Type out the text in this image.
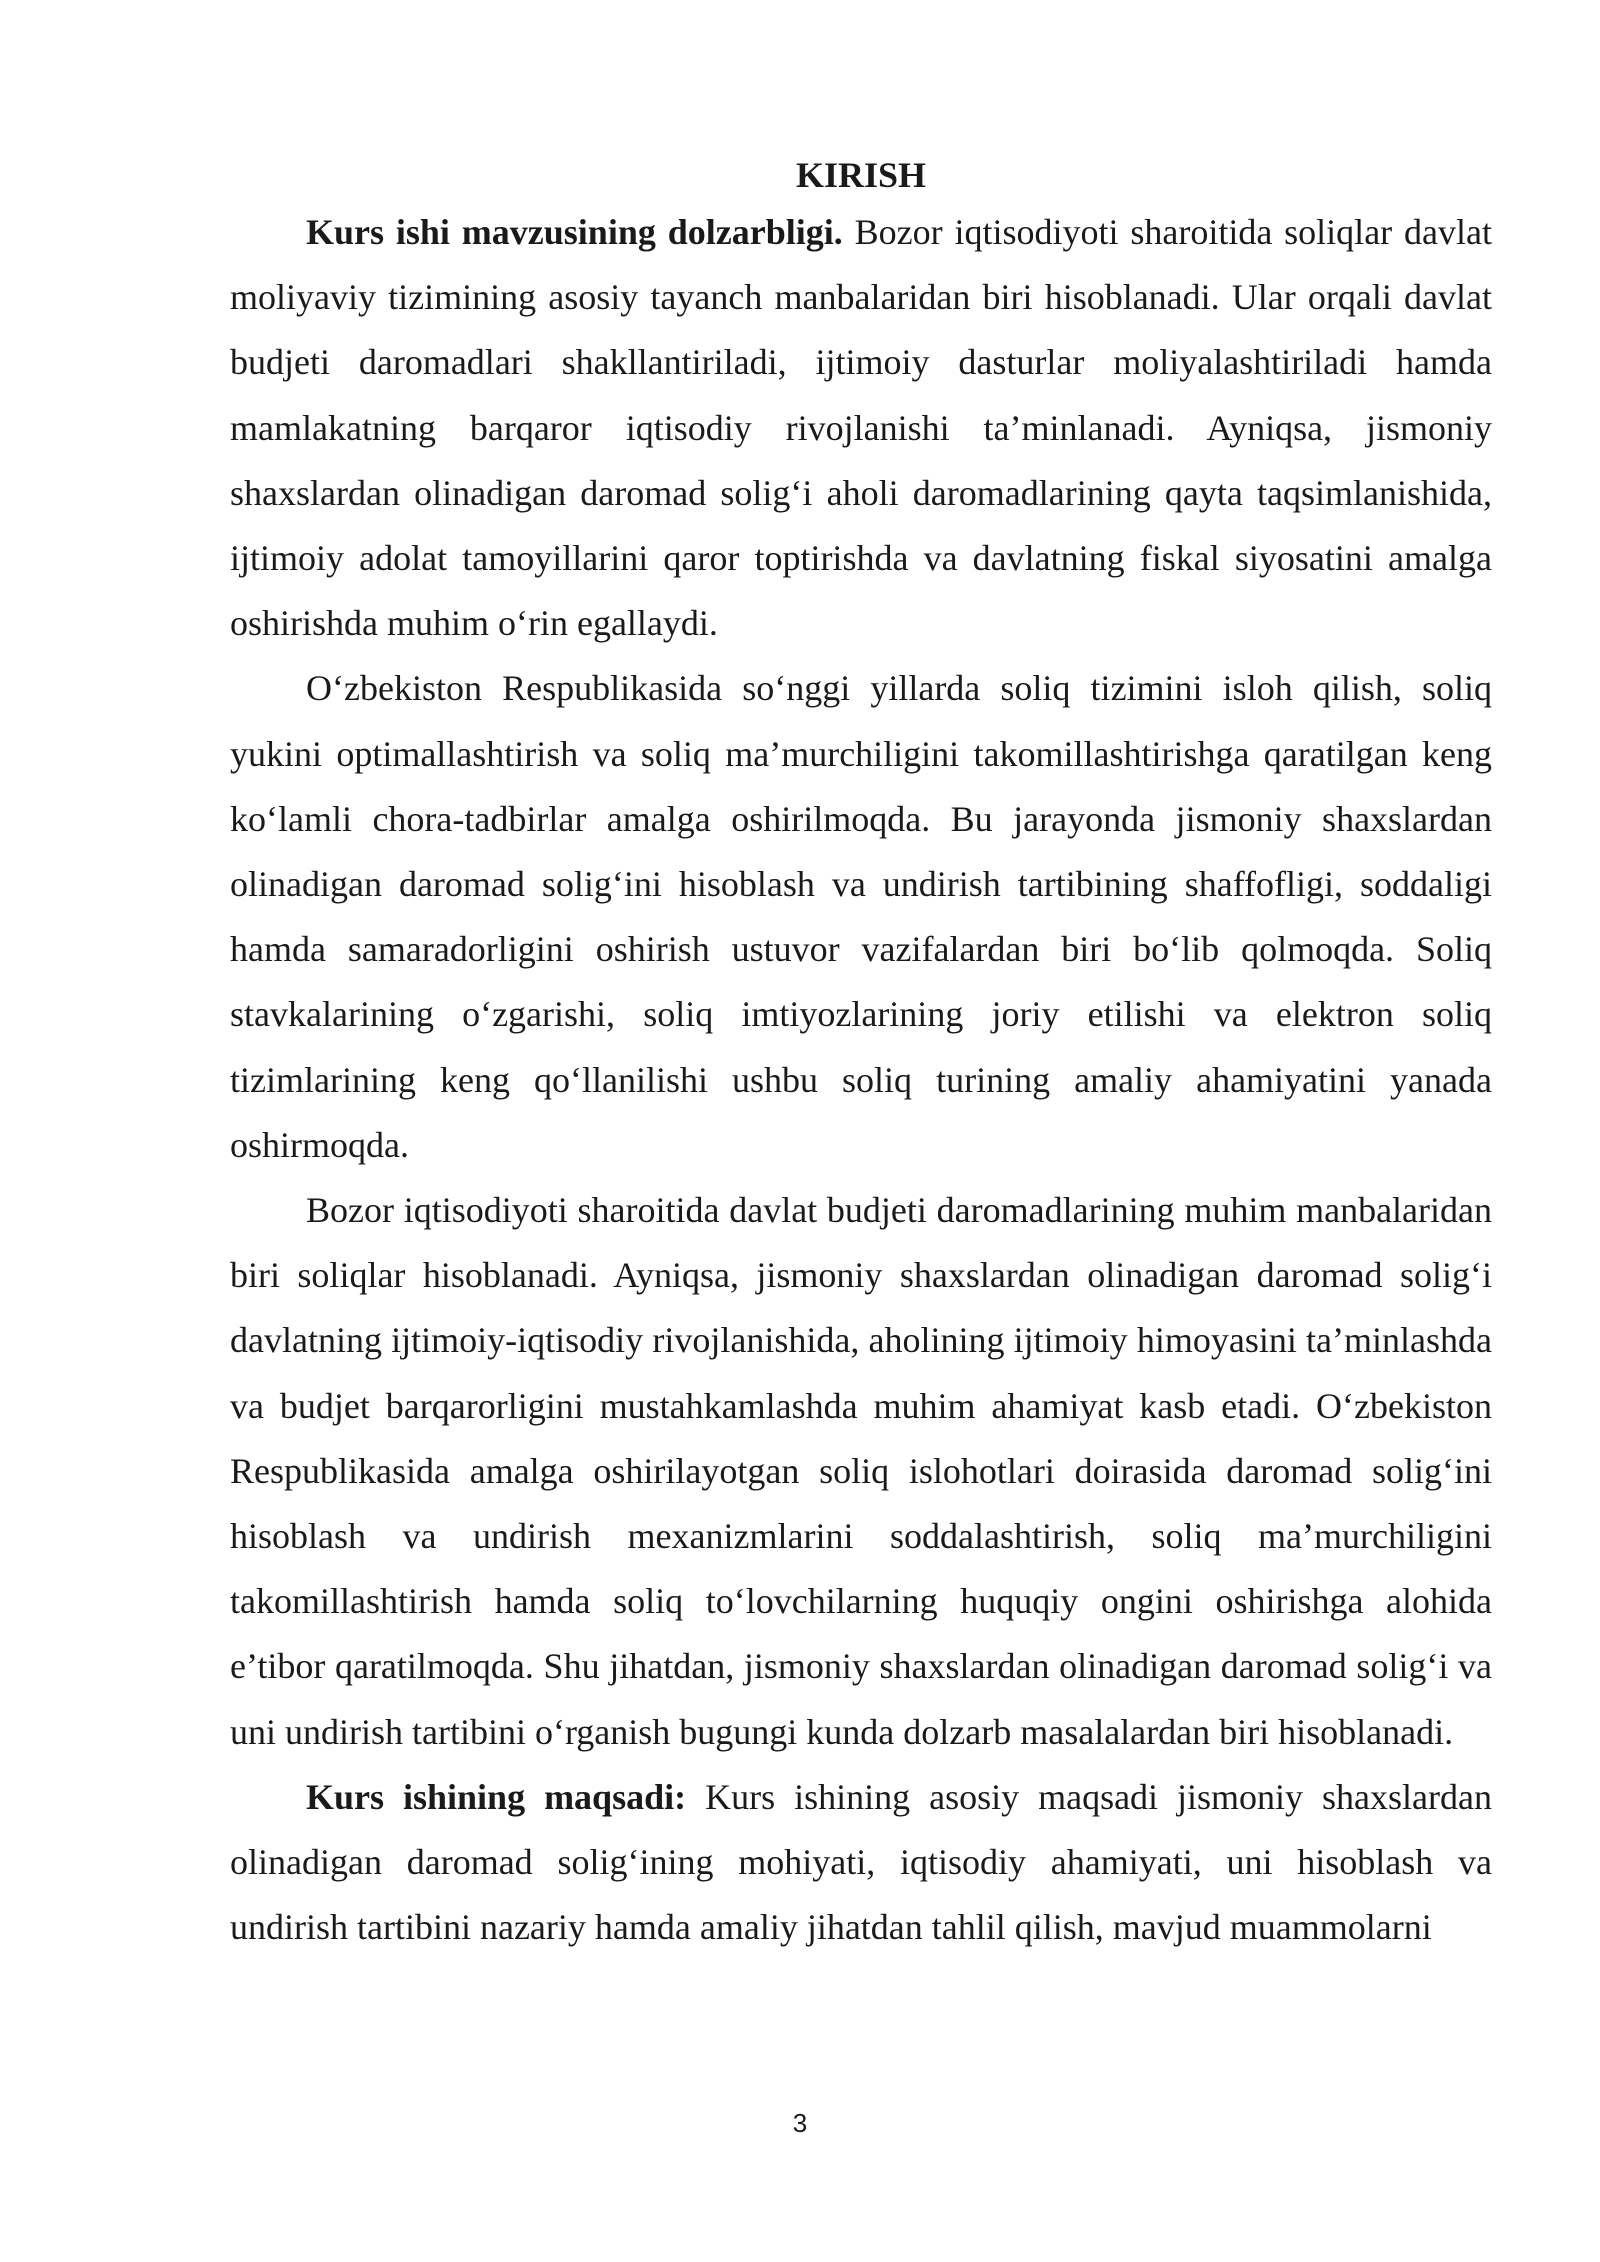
KIRISH

Kurs ishi mavzusining dolzarbligi. Bozor iqtisodiyoti sharoitida soliqlar davlat moliyaviy tizimining asosiy tayanch manbalaridan biri hisoblanadi. Ular orqali davlat budjeti daromadlari shakllantiriladi, ijtimoiy dasturlar moliyalashtiriladi hamda mamlakatning barqaror iqtisodiy rivojlanishi ta’minlanadi. Ayniqsa, jismoniy shaxslardan olinadigan daromad solig‘i aholi daromadlarining qayta taqsimlanishida, ijtimoiy adolat tamoyillarini qaror toptirishda va davlatning fiskal siyosatini amalga oshirishda muhim o‘rin egallaydi.

O‘zbekiston Respublikasida so‘nggi yillarda soliq tizimini isloh qilish, soliq yukini optimallashtirish va soliq ma’murchiligini takomillashtirishga qaratilgan keng ko‘lamli chora-tadbirlar amalga oshirilmoqda. Bu jarayonda jismoniy shaxslardan olinadigan daromad solig‘ini hisoblash va undirish tartibining shaffofligi, soddaligi hamda samaradorligini oshirish ustuvor vazifalardan biri bo‘lib qolmoqda. Soliq stavkalarining o‘zgarishi, soliq imtiyozlarining joriy etilishi va elektron soliq tizimlarining keng qo‘llanilishi ushbu soliq turining amaliy ahamiyatini yanada oshirmoqda.

Bozor iqtisodiyoti sharoitida davlat budjeti daromadlarining muhim manbalaridan biri soliqlar hisoblanadi. Ayniqsa, jismoniy shaxslardan olinadigan daromad solig‘i davlatning ijtimoiy-iqtisodiy rivojlanishida, aholining ijtimoiy himoyasini ta’minlashda va budjet barqarorligini mustahkamlashda muhim ahamiyat kasb etadi. O‘zbekiston Respublikasida amalga oshirilayotgan soliq islohotlari doirasida daromad solig‘ini hisoblash va undirish mexanizmlarini soddalashtirish, soliq ma’murchiligini takomillashtirish hamda soliq to‘lovchilarning huquqiy ongini oshirishga alohida e’tibor qaratilmoqda. Shu jihatdan, jismoniy shaxslardan olinadigan daromad solig‘i va uni undirish tartibini o‘rganish bugungi kunda dolzarb masalalardan biri hisoblanadi.

Kurs ishining maqsadi: Kurs ishining asosiy maqsadi jismoniy shaxslardan olinadigan daromad solig‘ining mohiyati, iqtisodiy ahamiyati, uni hisoblash va undirish tartibini nazariy hamda amaliy jihatdan tahlil qilish, mavjud muammolarni

3
